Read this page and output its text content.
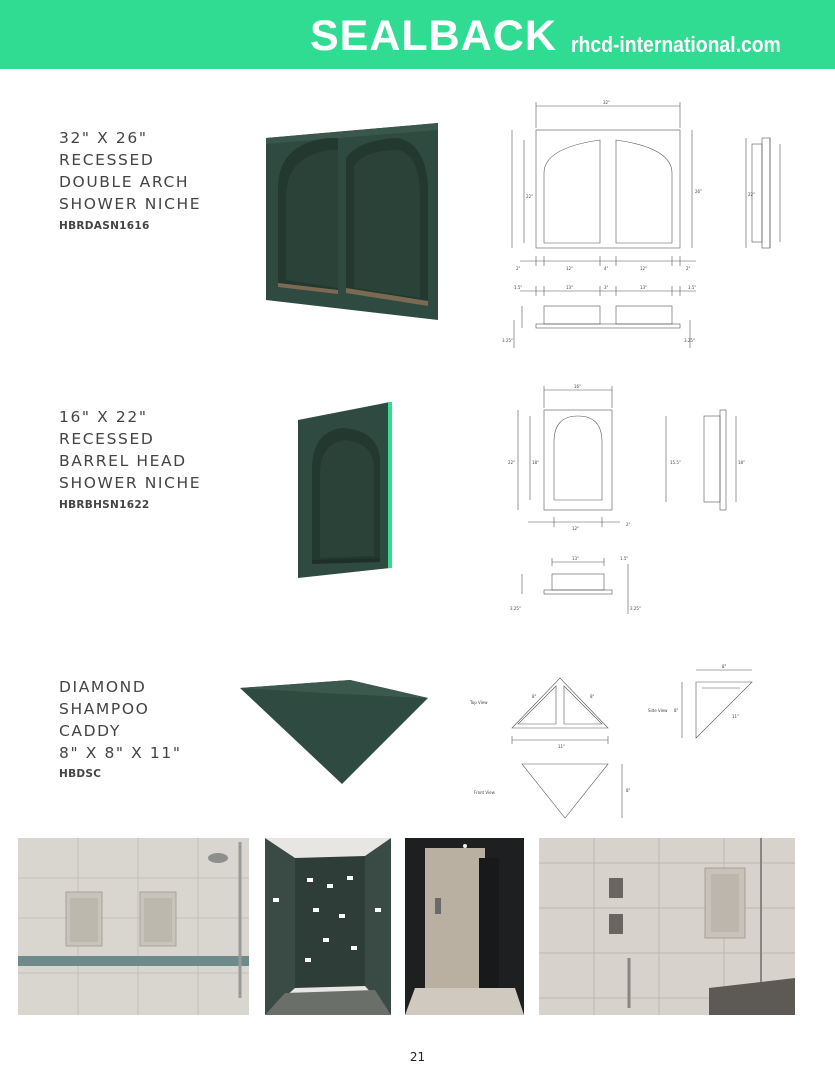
SEALBACK rhcd-international.com
32" X 26"
RECESSED
DOUBLE ARCH
SHOWER NICHE
HBRDASN1616
32"
26"
22"
2"	12"	4"	12"	2"
22"
1.5"	13"	3"	13"	1.5"
3.25"	3.25"
16" X 22"
RECESSED
BARREL HEAD
SHOWER NICHE
HBRBHSN1622
16"
22"	18"
12"
2"
15.5"	18"
13"	1.5"
3.25"	3.25"
DIAMOND
SHAMPOO
CADDY
8" X 8" X 11"
HBDSC
Top View
Side View
Front View
8"	8"
11"
8"
8"
8"
11"
21
